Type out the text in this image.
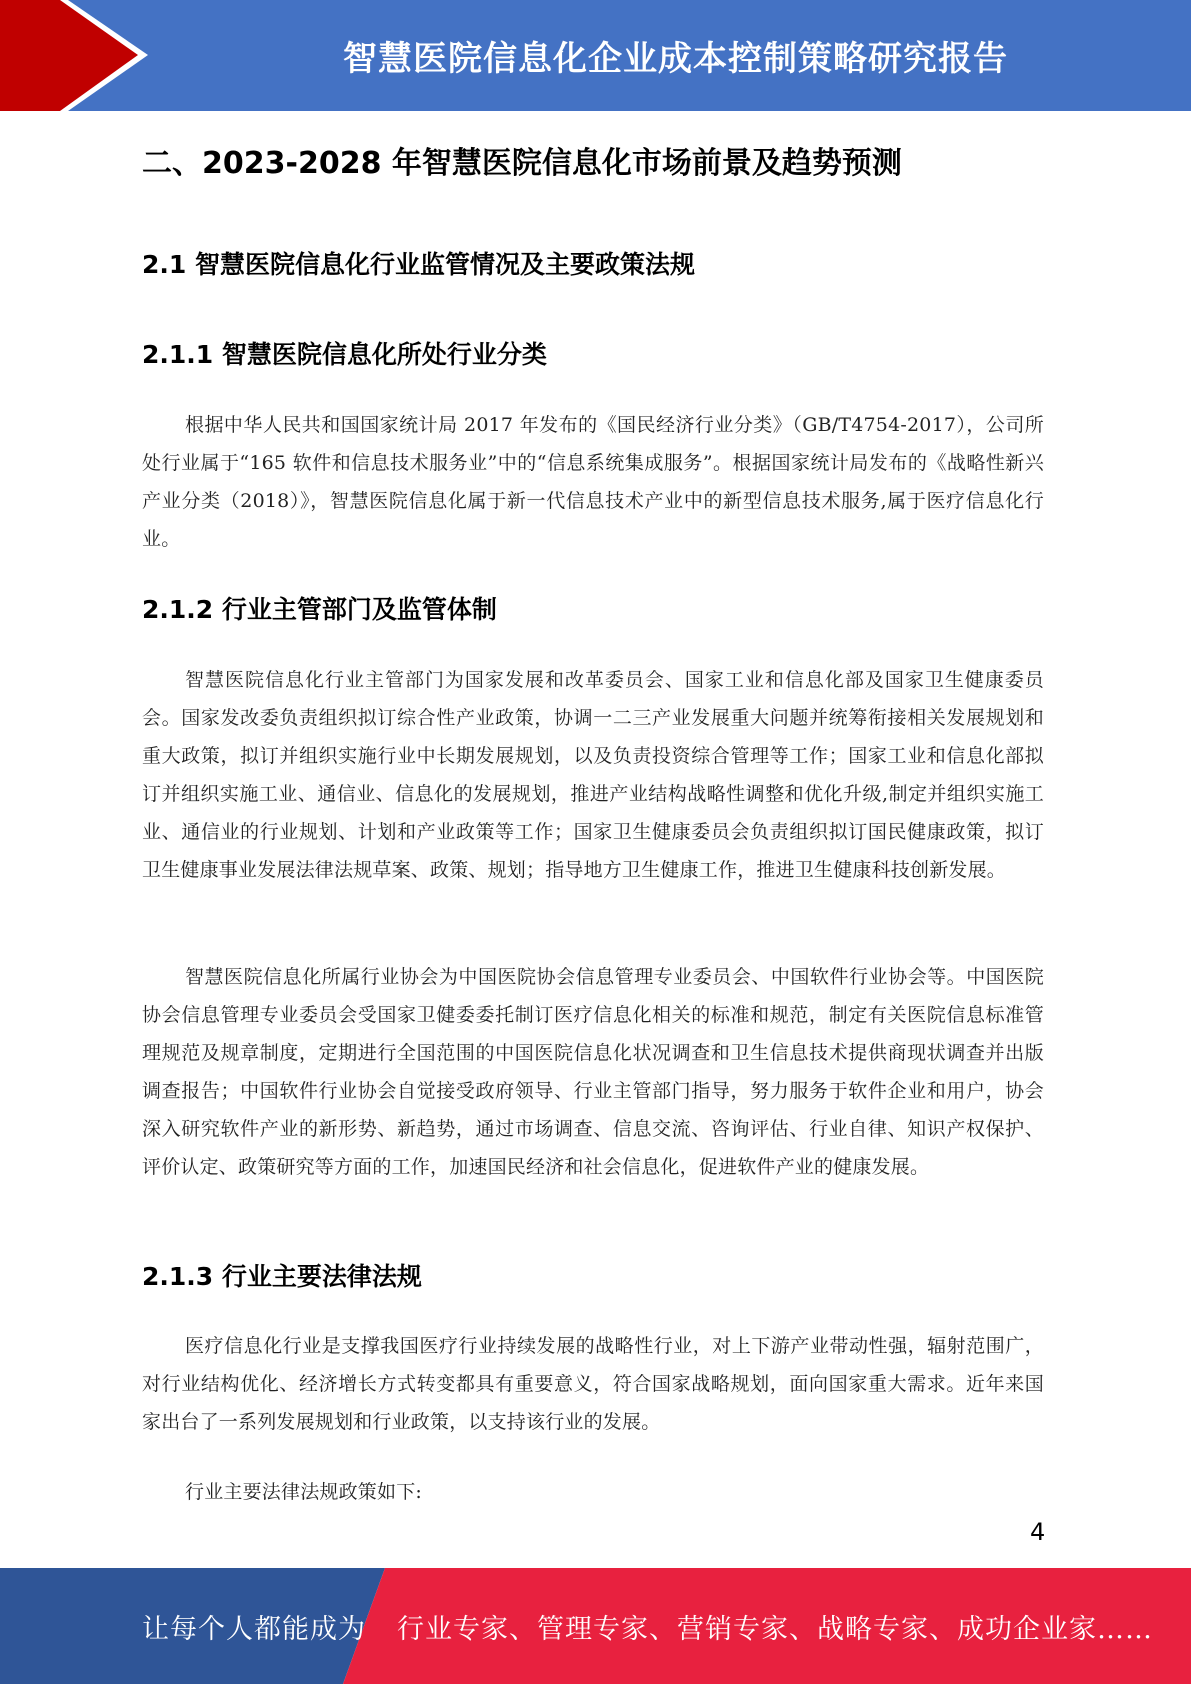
智慧医院信息化企业成本控制策略研究报告
二、2023-2028 年智慧医院信息化市场前景及趋势预测
2.1 智慧医院信息化行业监管情况及主要政策法规
2.1.1 智慧医院信息化所处行业分类

根据中华人民共和国国家统计局 2017 年发布的《国民经济行业分类》（GB/T4754-2017），公司所处行业属于“165 软件和信息技术服务业”中的“信息系统集成服务”。根据国家统计局发布的《战略性新兴产业分类（2018）》，智慧医院信息化属于新一代信息技术产业中的新型信息技术服务,属于医疗信息化行业。

2.1.2 行业主管部门及监管体制

智慧医院信息化行业主管部门为国家发展和改革委员会、国家工业和信息化部及国家卫生健康委员会。国家发改委负责组织拟订综合性产业政策，协调一二三产业发展重大问题并统筹衔接相关发展规划和重大政策，拟订并组织实施行业中长期发展规划，以及负责投资综合管理等工作；国家工业和信息化部拟订并组织实施工业、通信业、信息化的发展规划，推进产业结构战略性调整和优化升级,制定并组织实施工业、通信业的行业规划、计划和产业政策等工作；国家卫生健康委员会负责组织拟订国民健康政策，拟订卫生健康事业发展法律法规草案、政策、规划；指导地方卫生健康工作，推进卫生健康科技创新发展。

智慧医院信息化所属行业协会为中国医院协会信息管理专业委员会、中国软件行业协会等。中国医院协会信息管理专业委员会受国家卫健委委托制订医疗信息化相关的标准和规范，制定有关医院信息标准管理规范及规章制度，定期进行全国范围的中国医院信息化状况调查和卫生信息技术提供商现状调查并出版调查报告；中国软件行业协会自觉接受政府领导、行业主管部门指导，努力服务于软件企业和用户，协会深入研究软件产业的新形势、新趋势，通过市场调查、信息交流、咨询评估、行业自律、知识产权保护、评价认定、政策研究等方面的工作，加速国民经济和社会信息化，促进软件产业的健康发展。

2.1.3 行业主要法律法规

医疗信息化行业是支撑我国医疗行业持续发展的战略性行业，对上下游产业带动性强，辐射范围广，对行业结构优化、经济增长方式转变都具有重要意义，符合国家战略规划，面向国家重大需求。近年来国家出台了一系列发展规划和行业政策，以支持该行业的发展。

行业主要法律法规政策如下:

4
让每个人都能成为 行业专家、管理专家、营销专家、战略专家、成功企业家……
